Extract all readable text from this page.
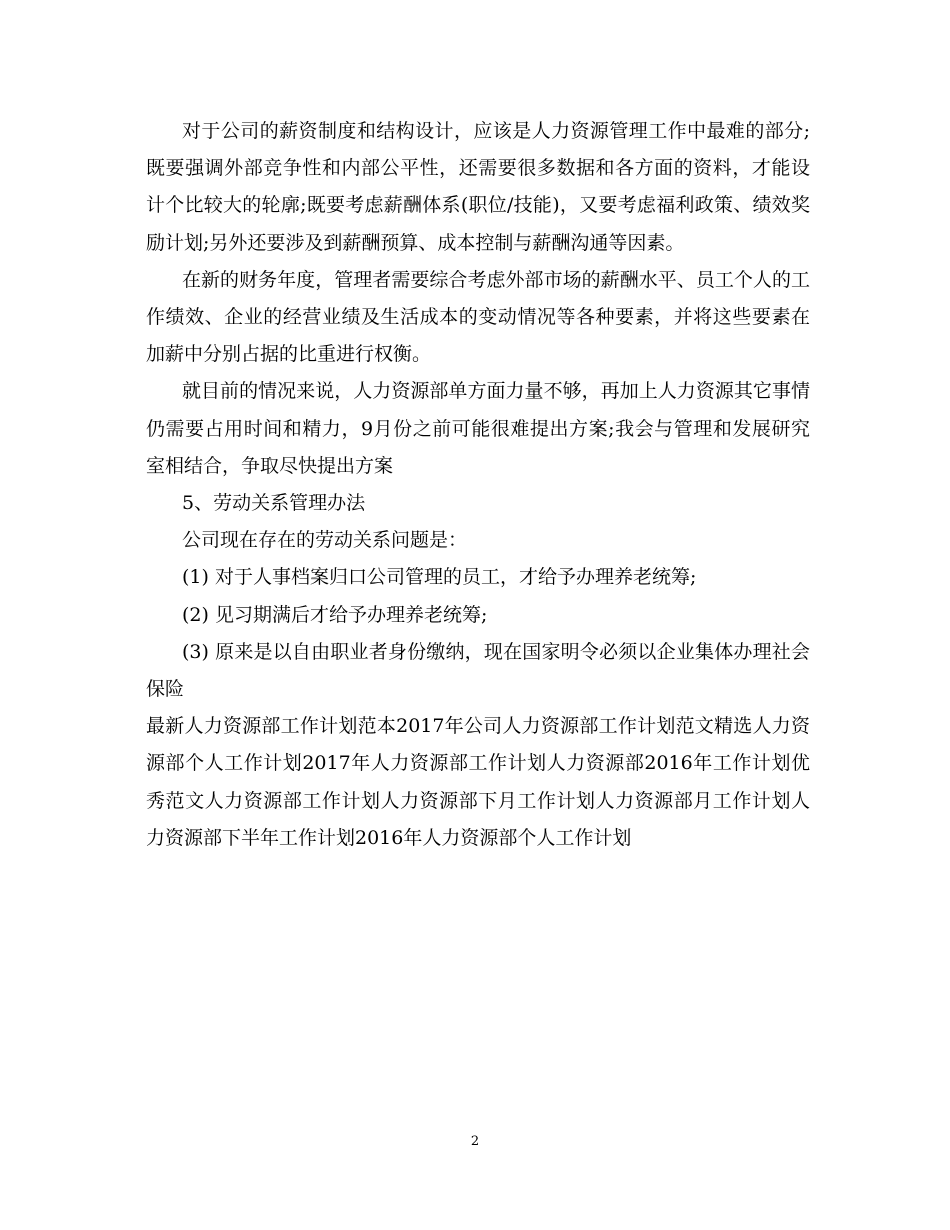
对于公司的薪资制度和结构设计，应该是人力资源管理工作中最难的部分;既要强调外部竞争性和内部公平性，还需要很多数据和各方面的资料，才能设计个比较大的轮廓;既要考虑薪酬体系(职位/技能)，又要考虑福利政策、绩效奖励计划;另外还要涉及到薪酬预算、成本控制与薪酬沟通等因素。

在新的财务年度，管理者需要综合考虑外部市场的薪酬水平、员工个人的工作绩效、企业的经营业绩及生活成本的变动情况等各种要素，并将这些要素在加薪中分别占据的比重进行权衡。

就目前的情况来说，人力资源部单方面力量不够，再加上人力资源其它事情仍需要占用时间和精力，9月份之前可能很难提出方案;我会与管理和发展研究室相结合，争取尽快提出方案

5、劳动关系管理办法

公司现在存在的劳动关系问题是：

(1) 对于人事档案归口公司管理的员工，才给予办理养老统筹;

(2) 见习期满后才给予办理养老统筹;

(3) 原来是以自由职业者身份缴纳，现在国家明令必须以企业集体办理社会保险

最新人力资源部工作计划范本2017年公司人力资源部工作计划范文精选人力资源部个人工作计划2017年人力资源部工作计划人力资源部2016年工作计划优秀范文人力资源部工作计划人力资源部下月工作计划人力资源部月工作计划人力资源部下半年工作计划2016年人力资源部个人工作计划

2
